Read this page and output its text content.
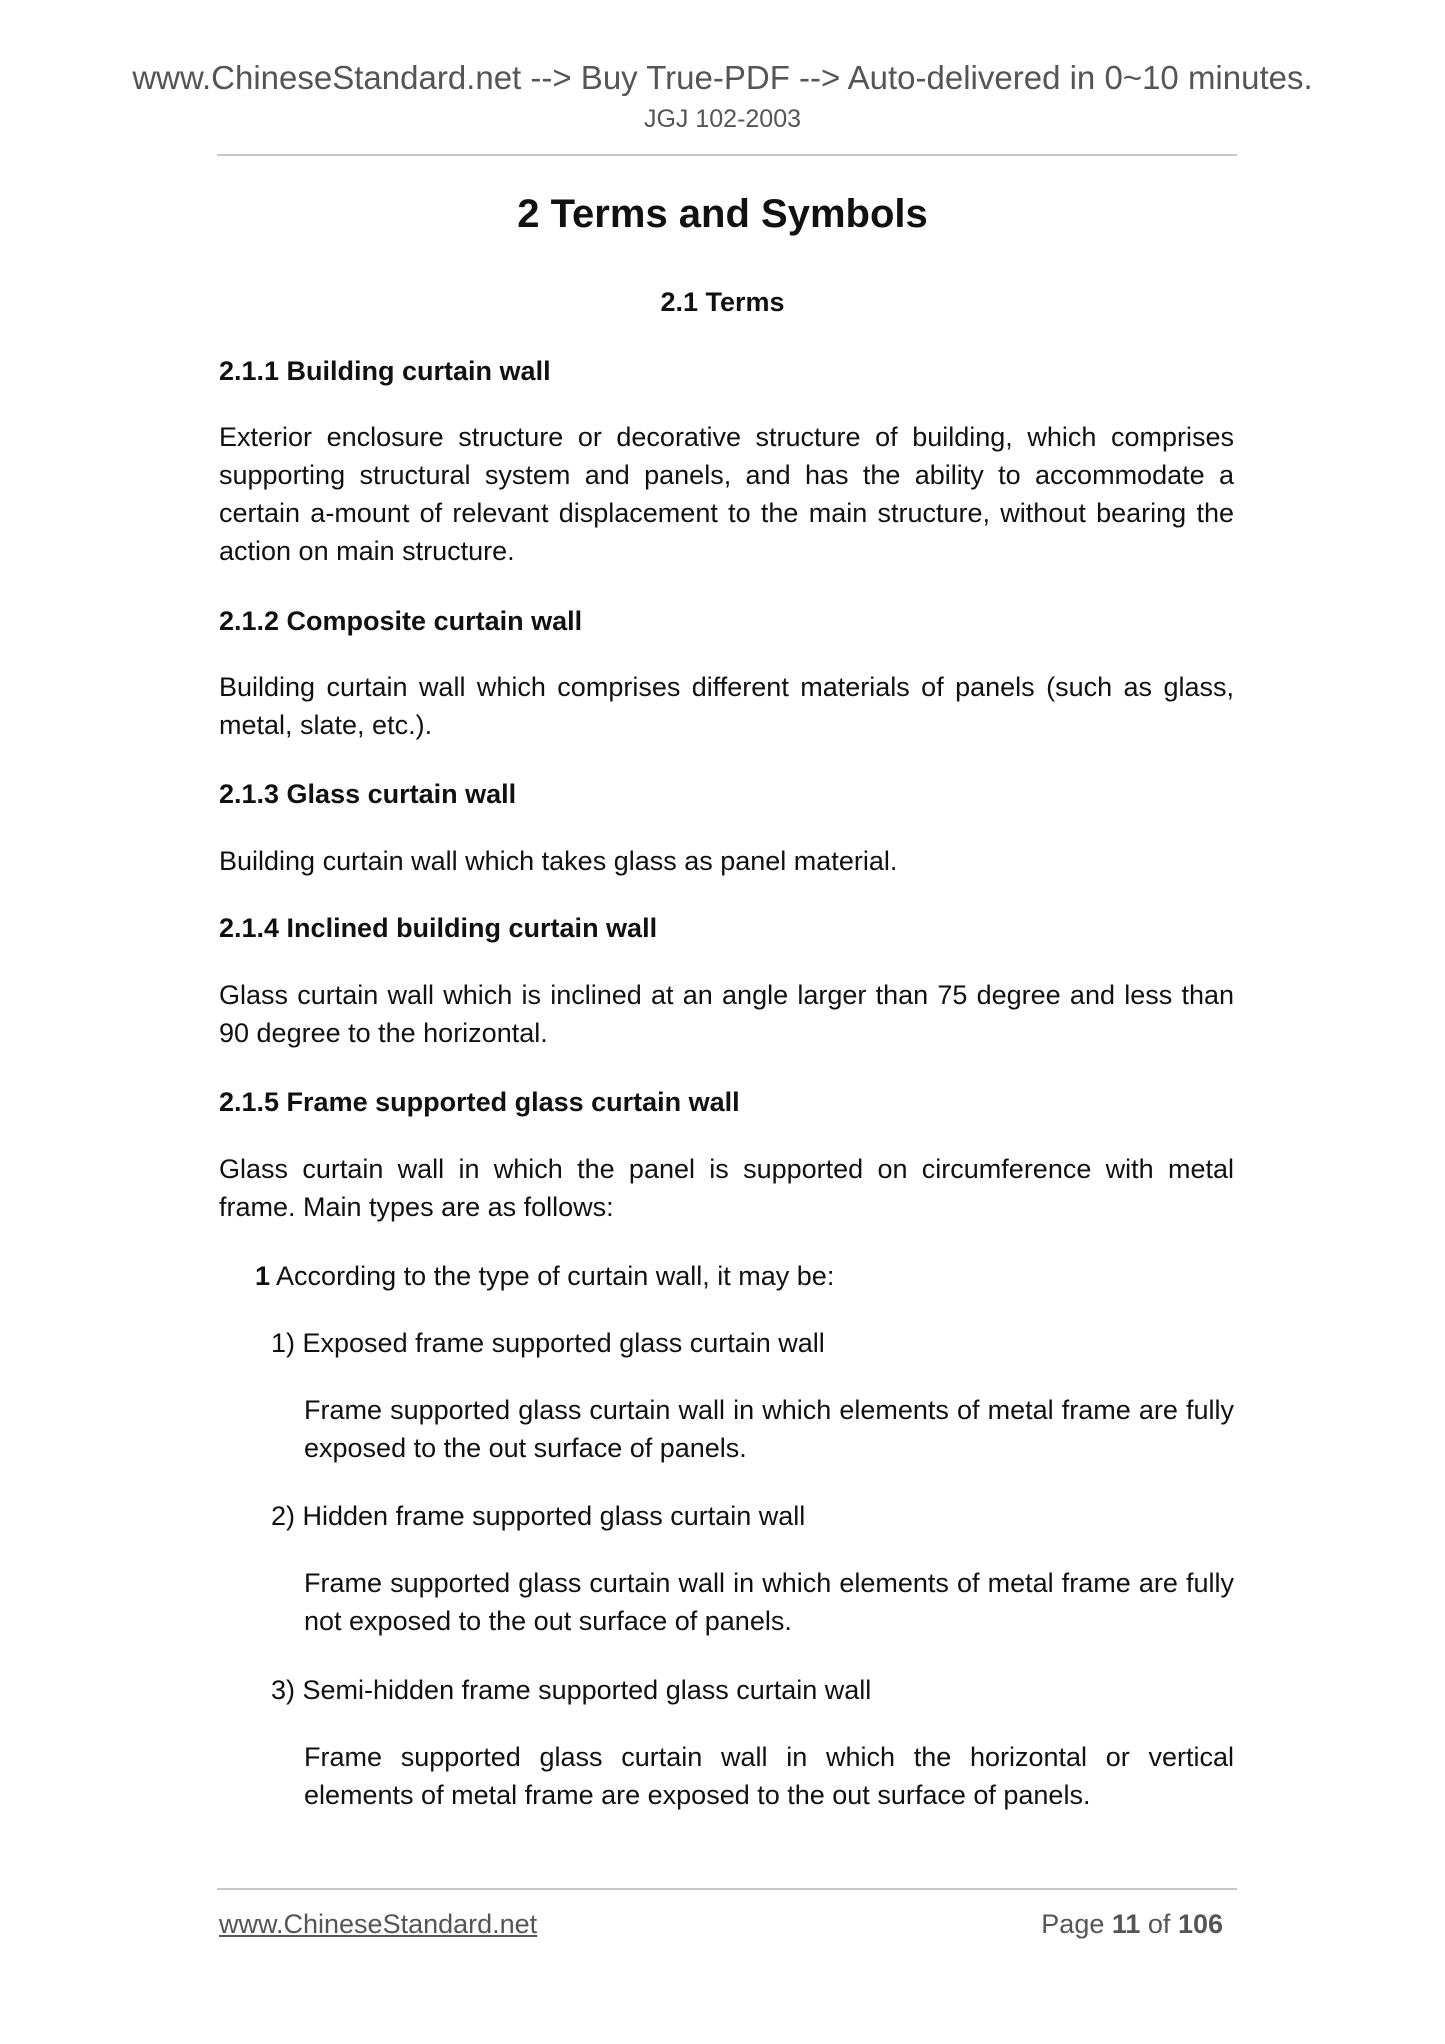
www.ChineseStandard.net --> Buy True-PDF --> Auto-delivered in 0~10 minutes.
JGJ 102-2003
2 Terms and Symbols
2.1 Terms

2.1.1 Building curtain wall

Exterior enclosure structure or decorative structure of building, which comprises supporting structural system and panels, and has the ability to accommodate a certain a-mount of relevant displacement to the main structure, without bearing the action on main structure.

2.1.2 Composite curtain wall

Building curtain wall which comprises different materials of panels (such as glass, metal, slate, etc.).

2.1.3 Glass curtain wall

Building curtain wall which takes glass as panel material.

2.1.4 Inclined building curtain wall

Glass curtain wall which is inclined at an angle larger than 75 degree and less than 90 degree to the horizontal.

2.1.5 Frame supported glass curtain wall

Glass curtain wall in which the panel is supported on circumference with metal frame. Main types are as follows:

1 According to the type of curtain wall, it may be:

1) Exposed frame supported glass curtain wall

Frame supported glass curtain wall in which elements of metal frame are fully exposed to the out surface of panels.

2) Hidden frame supported glass curtain wall

Frame supported glass curtain wall in which elements of metal frame are fully not exposed to the out surface of panels.

3) Semi-hidden frame supported glass curtain wall

Frame supported glass curtain wall in which the horizontal or vertical elements of metal frame are exposed to the out surface of panels.

www.ChineseStandard.net	Page 11 of 106
